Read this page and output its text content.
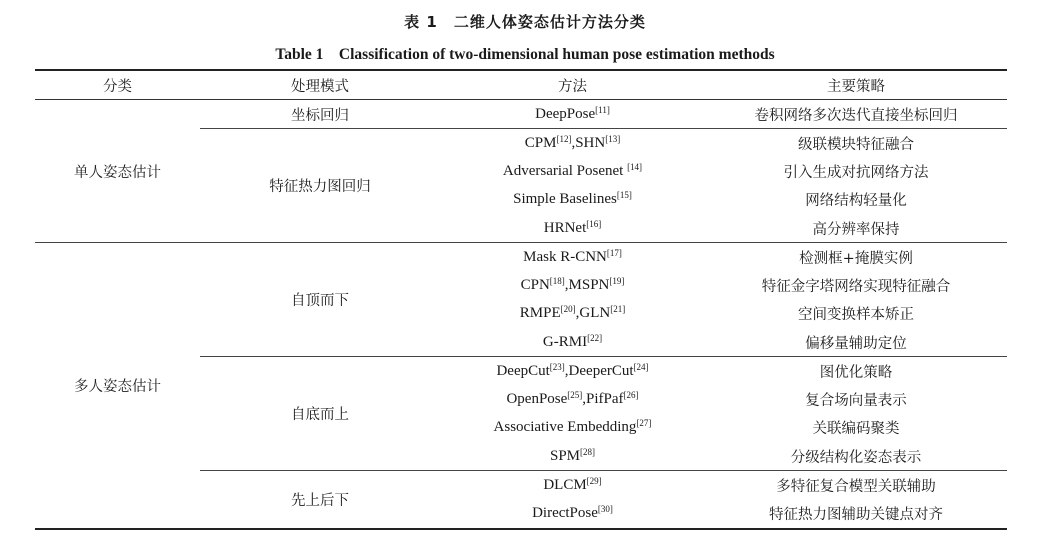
表 1　二维人体姿态估计方法分类
Table 1　Classification of two-dimensional human pose estimation methods
分类	处理模式	方法	主要策略
单人姿态估计	坐标回归	DeepPose[11]	卷积网络多次迭代直接坐标回归
	特征热力图回归	CPM[12],SHN[13]	级联模块特征融合
		Adversarial Posenet [14]	引入生成对抗网络方法
		Simple Baselines[15]	网络结构轻量化
		HRNet[16]	高分辨率保持
多人姿态估计	自顶而下	Mask R-CNN[17]	检测框+掩膜实例
		CPN[18],MSPN[19]	特征金字塔网络实现特征融合
		RMPE[20],GLN[21]	空间变换样本矫正
		G-RMI[22]	偏移量辅助定位
	自底而上	DeepCut[23],DeeperCut[24]	图优化策略
		OpenPose[25],PifPaf[26]	复合场向量表示
		Associative Embedding[27]	关联编码聚类
		SPM[28]	分级结构化姿态表示
	先上后下	DLCM[29]	多特征复合模型关联辅助
		DirectPose[30]	特征热力图辅助关键点对齐
